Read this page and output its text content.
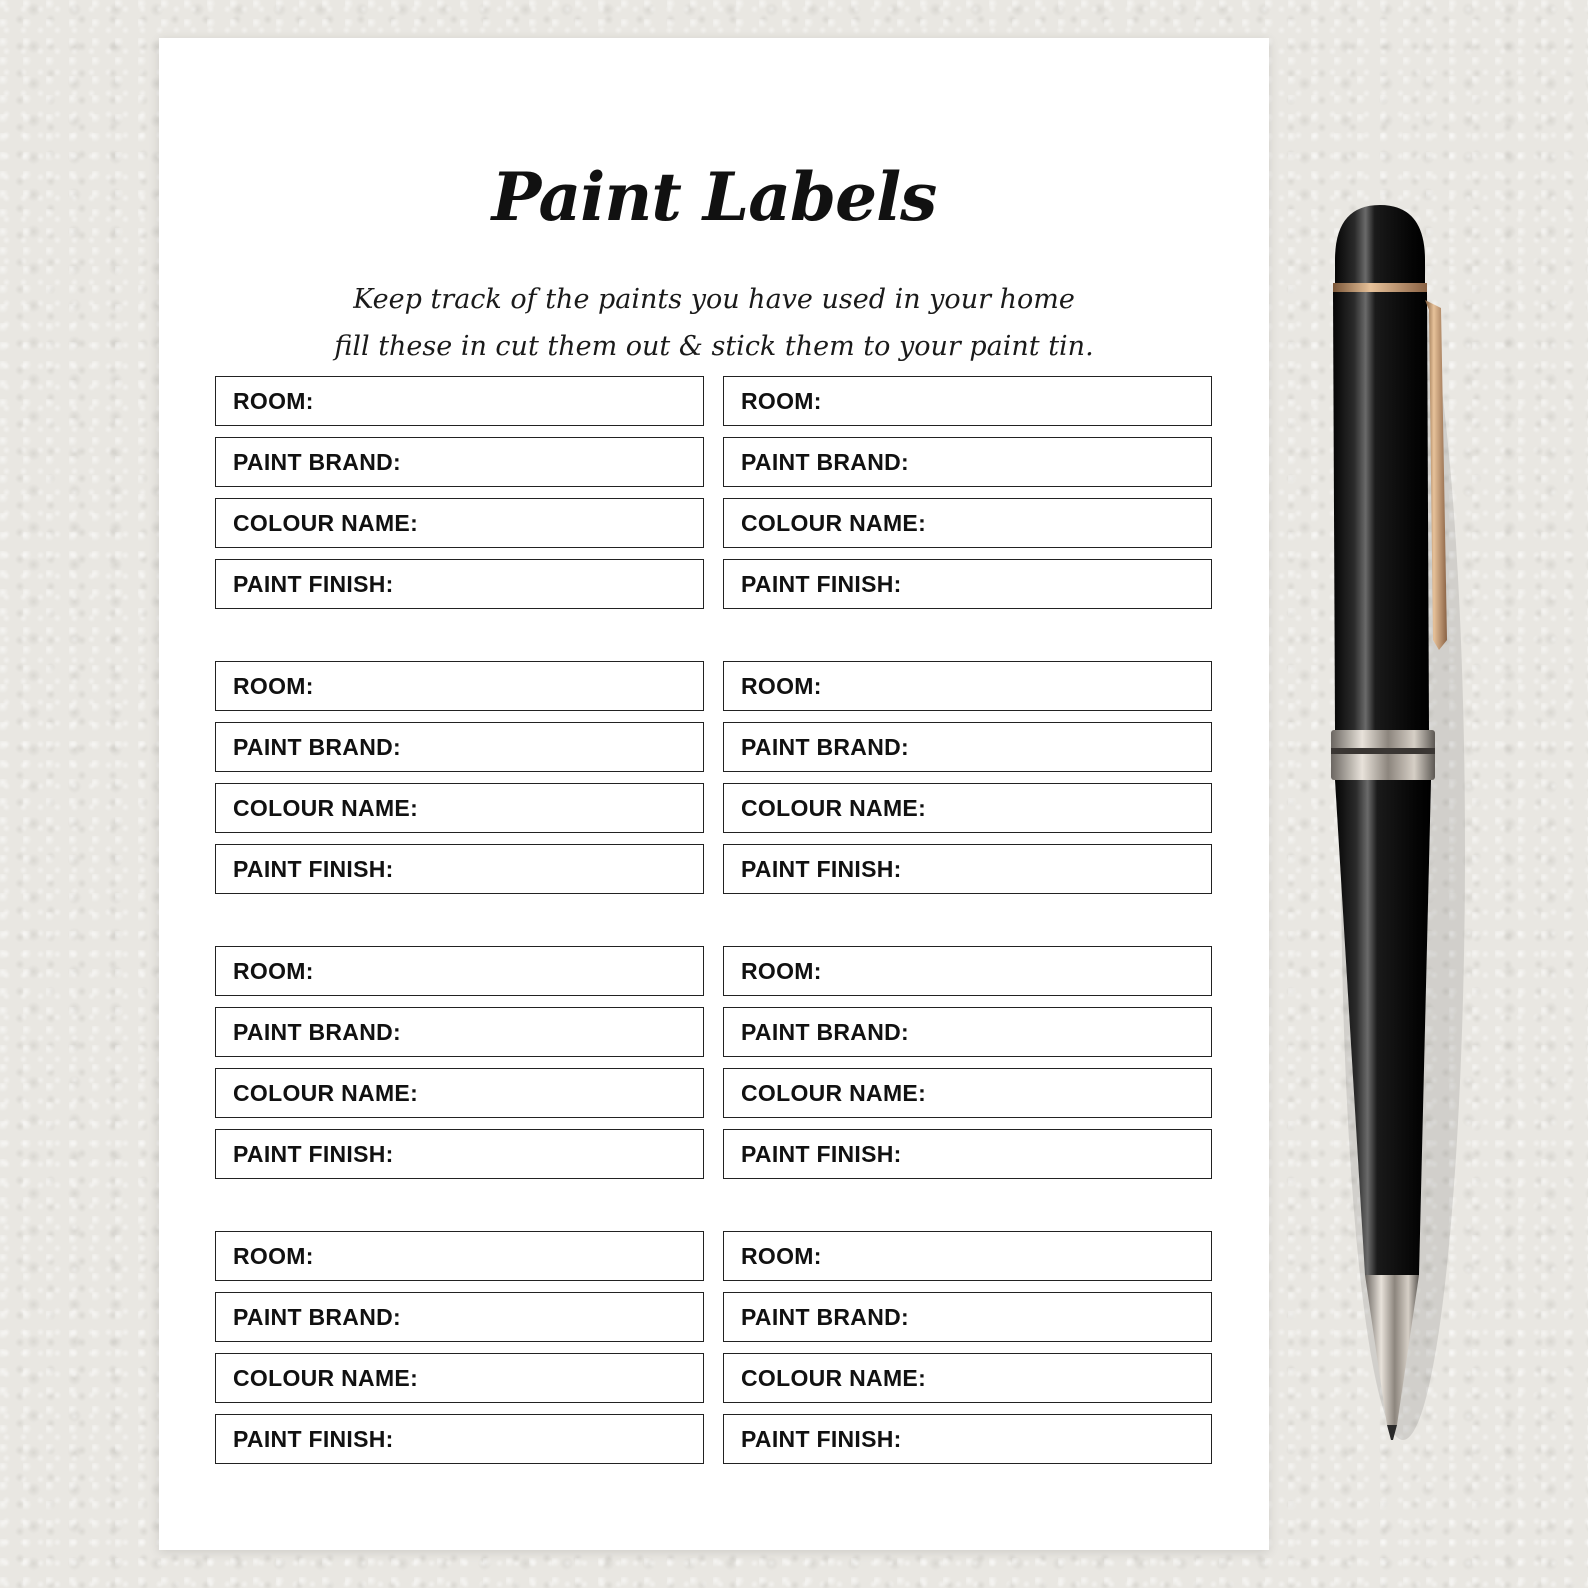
Paint Labels
Keep track of the paints you have used in your home
fill these in cut them out & stick them to your paint tin.
ROOM:
PAINT BRAND:
COLOUR NAME:
PAINT FINISH:
ROOM:
PAINT BRAND:
COLOUR NAME:
PAINT FINISH:
ROOM:
PAINT BRAND:
COLOUR NAME:
PAINT FINISH:
ROOM:
PAINT BRAND:
COLOUR NAME:
PAINT FINISH:
ROOM:
PAINT BRAND:
COLOUR NAME:
PAINT FINISH:
ROOM:
PAINT BRAND:
COLOUR NAME:
PAINT FINISH:
ROOM:
PAINT BRAND:
COLOUR NAME:
PAINT FINISH:
ROOM:
PAINT BRAND:
COLOUR NAME:
PAINT FINISH:
